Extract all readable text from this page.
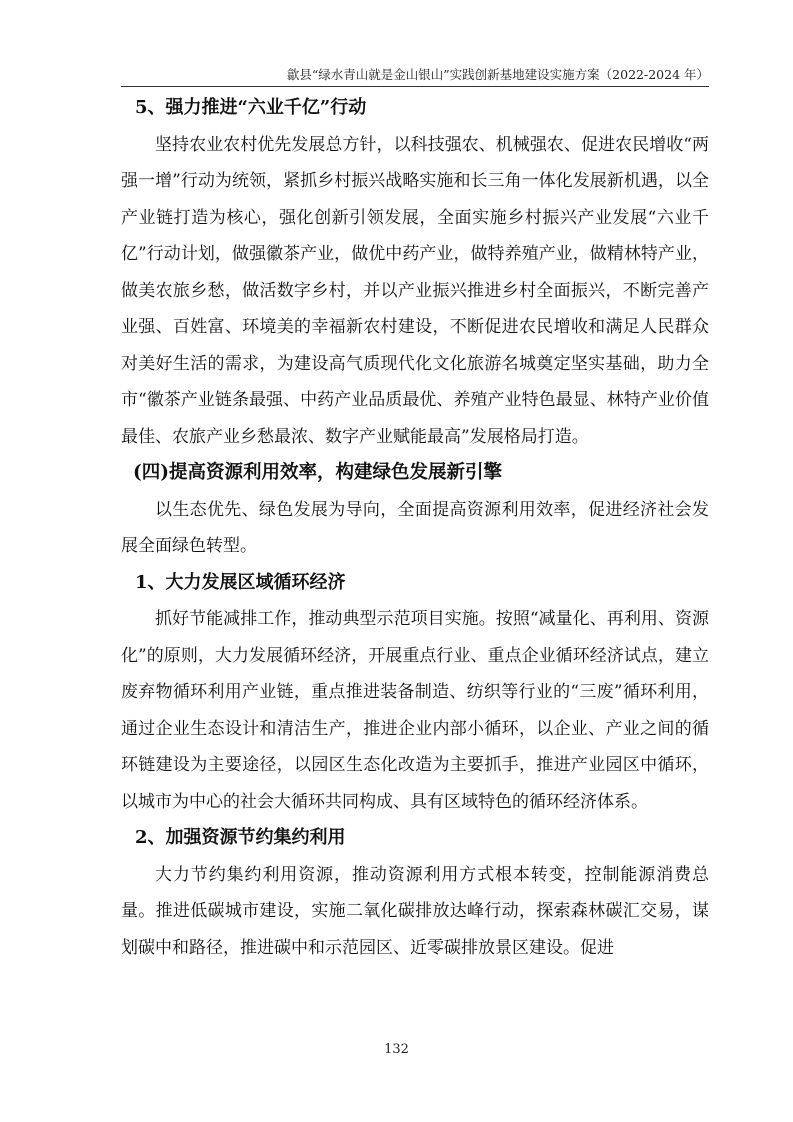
歙县“绿水青山就是金山银山”实践创新基地建设实施方案（2022-2024 年）
5、强力推进“六业千亿”行动
坚持农业农村优先发展总方针，以科技强农、机械强农、促进农民增收“两强一增”行动为统领，紧抓乡村振兴战略实施和长三角一体化发展新机遇，以全产业链打造为核心，强化创新引领发展，全面实施乡村振兴产业发展“六业千亿”行动计划，做强徽茶产业，做优中药产业，做特养殖产业，做精林特产业，做美农旅乡愁，做活数字乡村，并以产业振兴推进乡村全面振兴，不断完善产业强、百姓富、环境美的幸福新农村建设，不断促进农民增收和满足人民群众对美好生活的需求，为建设高气质现代化文化旅游名城奠定坚实基础，助力全市“徽茶产业链条最强、中药产业品质最优、养殖产业特色最显、林特产业价值最佳、农旅产业乡愁最浓、数字产业赋能最高”发展格局打造。
(四)提高资源利用效率，构建绿色发展新引擎
以生态优先、绿色发展为导向，全面提高资源利用效率，促进经济社会发展全面绿色转型。
1、大力发展区域循环经济
抓好节能减排工作，推动典型示范项目实施。按照“减量化、再利用、资源化”的原则，大力发展循环经济，开展重点行业、重点企业循环经济试点，建立废弃物循环利用产业链，重点推进装备制造、纺织等行业的“三废”循环利用，通过企业生态设计和清洁生产，推进企业内部小循环，以企业、产业之间的循环链建设为主要途径，以园区生态化改造为主要抓手，推进产业园区中循环，以城市为中心的社会大循环共同构成、具有区域特色的循环经济体系。
2、加强资源节约集约利用
大力节约集约利用资源，推动资源利用方式根本转变，控制能源消费总量。推进低碳城市建设，实施二氧化碳排放达峰行动，探索森林碳汇交易，谋划碳中和路径，推进碳中和示范园区、近零碳排放景区建设。促进
132
